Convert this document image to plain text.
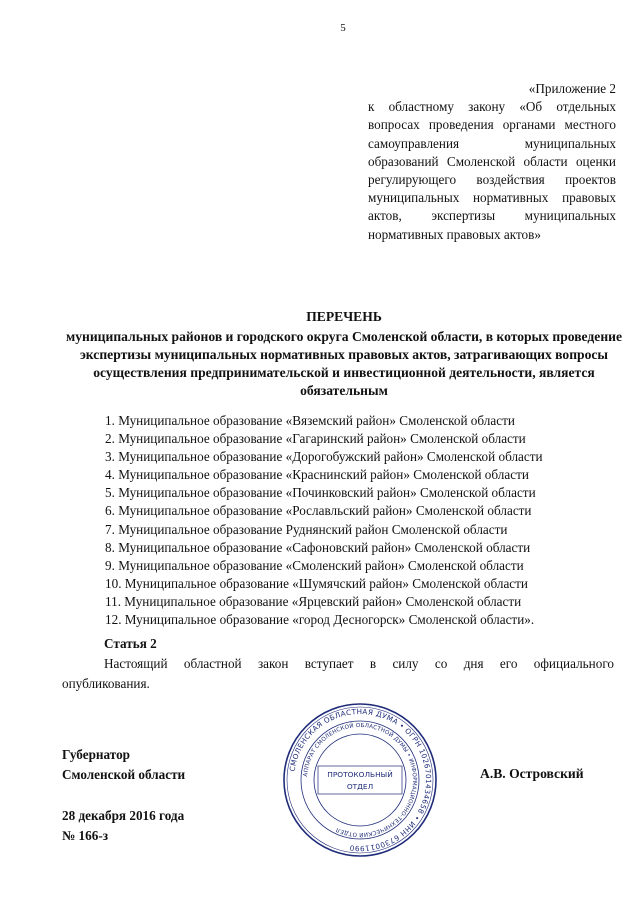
5
«Приложение 2
к областному закону «Об отдельных вопросах проведения органами местного самоуправления муниципальных образований Смоленской области оценки регулирующего воздействия проектов муниципальных нормативных правовых актов, экспертизы муниципальных нормативных правовых актов»
ПЕРЕЧЕНЬ
муниципальных районов и городского округа Смоленской области, в которых проведение экспертизы муниципальных нормативных правовых актов, затрагивающих вопросы осуществления предпринимательской и инвестиционной деятельности, является обязательным
1. Муниципальное образование «Вяземский район» Смоленской области
2. Муниципальное образование «Гагаринский район» Смоленской области
3. Муниципальное образование «Дорогобужский район» Смоленской области
4. Муниципальное образование «Краснинский район» Смоленской области
5. Муниципальное образование «Починковский район» Смоленской области
6. Муниципальное образование «Рославльский район» Смоленской области
7. Муниципальное образование Руднянский район Смоленской области
8. Муниципальное образование «Сафоновский район» Смоленской области
9. Муниципальное образование «Смоленский район» Смоленской области
10. Муниципальное образование «Шумячский район» Смоленской области
11. Муниципальное образование «Ярцевский район» Смоленской области
12. Муниципальное образование «город Десногорск» Смоленской области».
Статья 2
Настоящий областной закон вступает в силу со дня его официального опубликования.
Губернатор
Смоленской области	А.В. Островский
28 декабря 2016 года
№ 166-з
СМОЛЕНСКАЯ ОБЛАСТНАЯ ДУМА • ОГРН 1026701434658 • ИНН 6730011990
АППАРАТ СМОЛЕНСКОЙ ОБЛАСТНОЙ ДУМЫ • ИНФОРМАЦИОННО-ТЕХНИЧЕСКИЙ ОТДЕЛ
ПРОТОКОЛЬНЫЙ
ОТДЕЛ
